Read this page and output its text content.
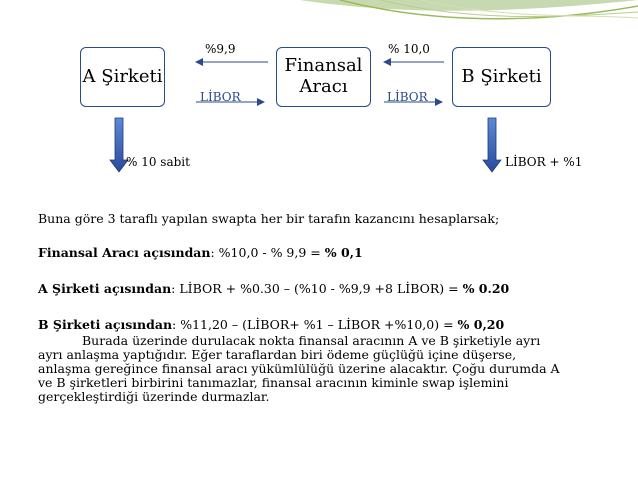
A Şirketi	Finansal
Aracı	B Şirketi
%9,9	% 10,0
LİBOR	LİBOR
% 10 sabit	LİBOR + %1
Buna göre 3 taraflı yapılan swapta her bir tarafın kazancını hesaplarsak;
Finansal Aracı açısından: %10,0 - % 9,9 = % 0,1
A Şirketi açısından: LİBOR + %0.30 – (%10 - %9,9 +8 LİBOR) = % 0.20
B Şirketi açısından: %11,20 – (LİBOR+ %1 – LİBOR +%10,0) = % 0,20
Burada üzerinde durulacak nokta finansal aracının A ve B şirketiyle ayrı
ayrı anlaşma yaptığıdır. Eğer taraflardan biri ödeme güçlüğü içine düşerse,
anlaşma gereğince finansal aracı yükümlülüğü üzerine alacaktır. Çoğu durumda A
ve B şirketleri birbirini tanımazlar, finansal aracının kiminle swap işlemini
gerçekleştirdiği üzerinde durmazlar.
